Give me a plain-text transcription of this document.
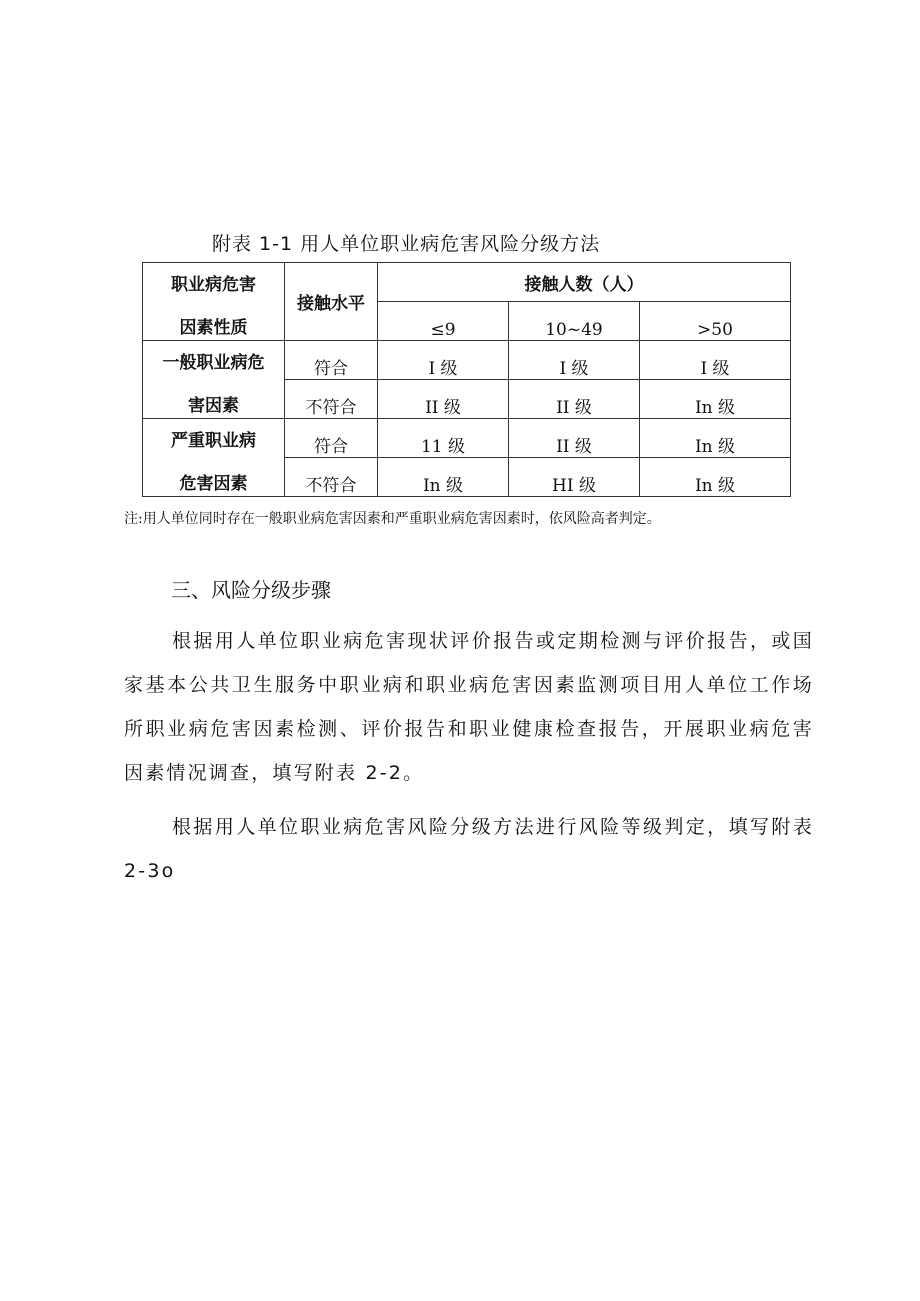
附表 1-1 用人单位职业病危害风险分级方法
职业病危害
因素性质	接触水平	接触人数（人）		
		≤9	10~49	>50

一般职业病危
害因素	符合	I 级	I 级	I 级
	不符合	II 级	II 级	In 级

严重职业病
危害因素	符合	11 级	II 级	In 级
	不符合	In 级	HI 级	In 级
注:用人单位同时存在一般职业病危害因素和严重职业病危害因素时，依风险高者判定。
三、风险分级步骤

根据用人单位职业病危害现状评价报告或定期检测与评价报告，或国家基本公共卫生服务中职业病和职业病危害因素监测项目用人单位工作场所职业病危害因素检测、评价报告和职业健康检查报告，开展职业病危害因素情况调查，填写附表 2-2。

根据用人单位职业病危害风险分级方法进行风险等级判定，填写附表 2-3o
